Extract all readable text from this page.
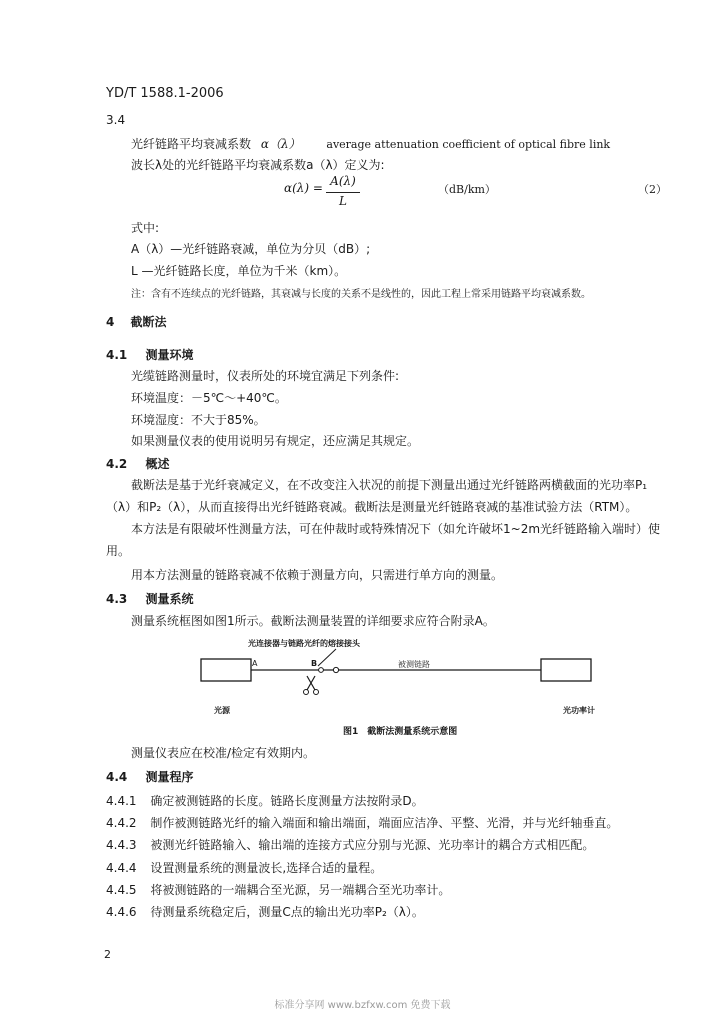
YD/T 1588.1-2006
3.4
光纤链路平均衰减系数 α（λ） average attenuation coefficient of optical fibre link
波长λ处的光纤链路平均衰减系数a（λ）定义为:
α(λ) = A(λ)
L
（dB/km）	（2）
式中:
A（λ）—光纤链路衰减，单位为分贝（dB）;
L —光纤链路长度，单位为千米（km）。
注：含有不连续点的光纤链路，其衰减与长度的关系不是线性的，因此工程上常采用链路平均衰减系数。
4 截断法
4.1 测量环境
光缆链路测量时，仪表所处的环境宜满足下列条件:
环境温度：－5℃～+40℃。
环境湿度：不大于85%。
如果测量仪表的使用说明另有规定，还应满足其规定。
4.2 概述
截断法是基于光纤衰减定义，在不改变注入状况的前提下测量出通过光纤链路两横截面的光功率P₁
（λ）和P₂（λ），从而直接得出光纤链路衰减。截断法是测量光纤链路衰减的基准试验方法（RTM）。
本方法是有限破坏性测量方法，可在仲裁时或特殊情况下（如允许破坏1~2m光纤链路输入端时）使
用。
用本方法测量的链路衰减不依赖于测量方向，只需进行单方向的测量。
4.3 测量系统
测量系统框图如图1所示。截断法测量装置的详细要求应符合附录A。
光连接器与链路光纤的熔接接头
A	B	被测链路
光源	光功率计
图1　截断法测量系统示意图
测量仪表应在校准/检定有效期内。
4.4 测量程序
4.4.1 确定被测链路的长度。链路长度测量方法按附录D。
4.4.2 制作被测链路光纤的输入端面和输出端面，端面应洁净、平整、光滑，并与光纤轴垂直。
4.4.3 被测光纤链路输入、输出端的连接方式应分别与光源、光功率计的耦合方式相匹配。
4.4.4 设置测量系统的测量波长,选择合适的量程。
4.4.5 将被测链路的一端耦合至光源，另一端耦合至光功率计。
4.4.6 待测量系统稳定后，测量C点的输出光功率P₂（λ）。
2
标准分享网 www.bzfxw.com 免费下载
